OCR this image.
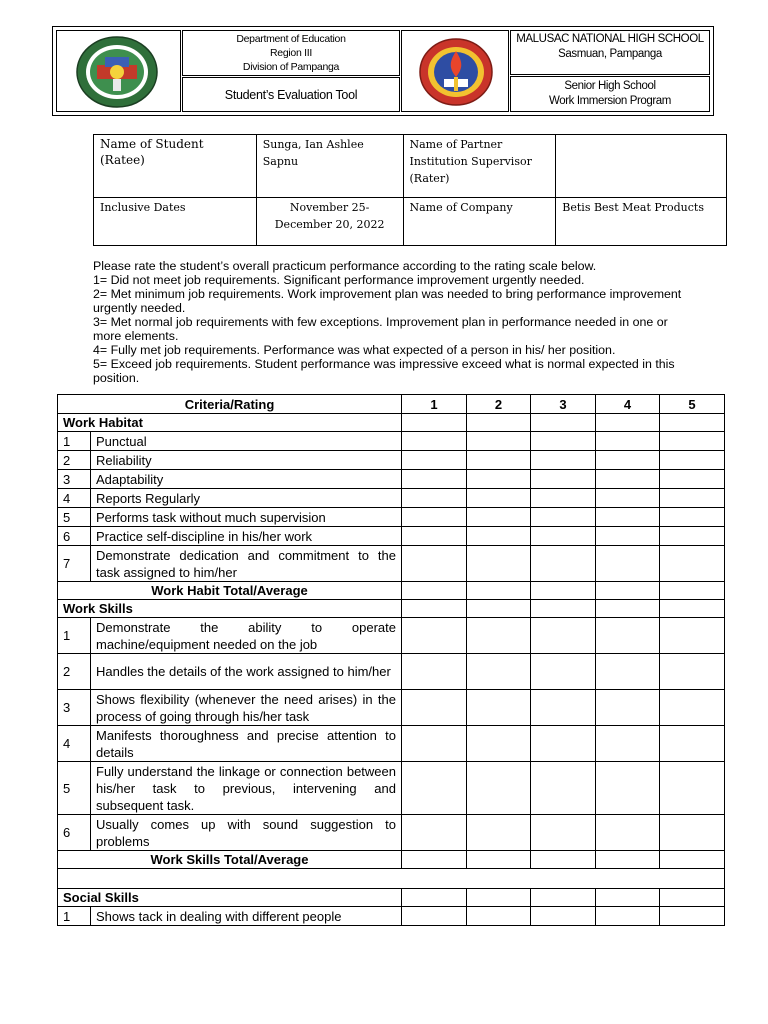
Department of Education
Region III
Division of Pampanga
Student’s Evaluation Tool
MALUSAC NATIONAL HIGH SCHOOL
Sasmuan, Pampanga
Senior High School
Work Immersion Program
Name of Student (Ratee)	Sunga, Ian Ashlee Sapnu	Name of Partner Institution Supervisor (Rater)	
Inclusive Dates	November 25- December 20, 2022	Name of Company	Betis Best Meat Products
Please rate the student’s overall practicum performance according to the rating scale below.
1= Did not meet job requirements. Significant performance improvement urgently needed.
2= Met minimum job requirements. Work improvement plan was needed to bring performance improvement urgently needed.
3= Met normal job requirements with few exceptions. Improvement plan in performance needed in one or more elements.
4= Fully met job requirements. Performance was what expected of a person in his/ her position.
5= Exceed job requirements. Student performance was impressive exceed what is normal expected in this position.
Criteria/Rating		1	2	3	4	5
Work Habitat						
1	Punctual					
2	Reliability					
3	Adaptability					
4	Reports Regularly					
5	Performs task without much supervision					
6	Practice self-discipline in his/her work					
7	Demonstrate dedication and commitment to the task assigned to him/her					
Work Habit Total/Average						
Work Skills						
1	Demonstrate the ability to operate machine/equipment needed on the job					
2	Handles the details of the work assigned to him/her					
3	Shows flexibility (whenever the need arises) in the process of going through his/her task					
4	Manifests thoroughness and precise attention to details					
5	Fully understand the linkage or connection between his/her task to previous, intervening and subsequent task.					
6	Usually comes up with sound suggestion to problems					
Work Skills Total/Average						

Social Skills						
1	Shows tack in dealing with different people					
